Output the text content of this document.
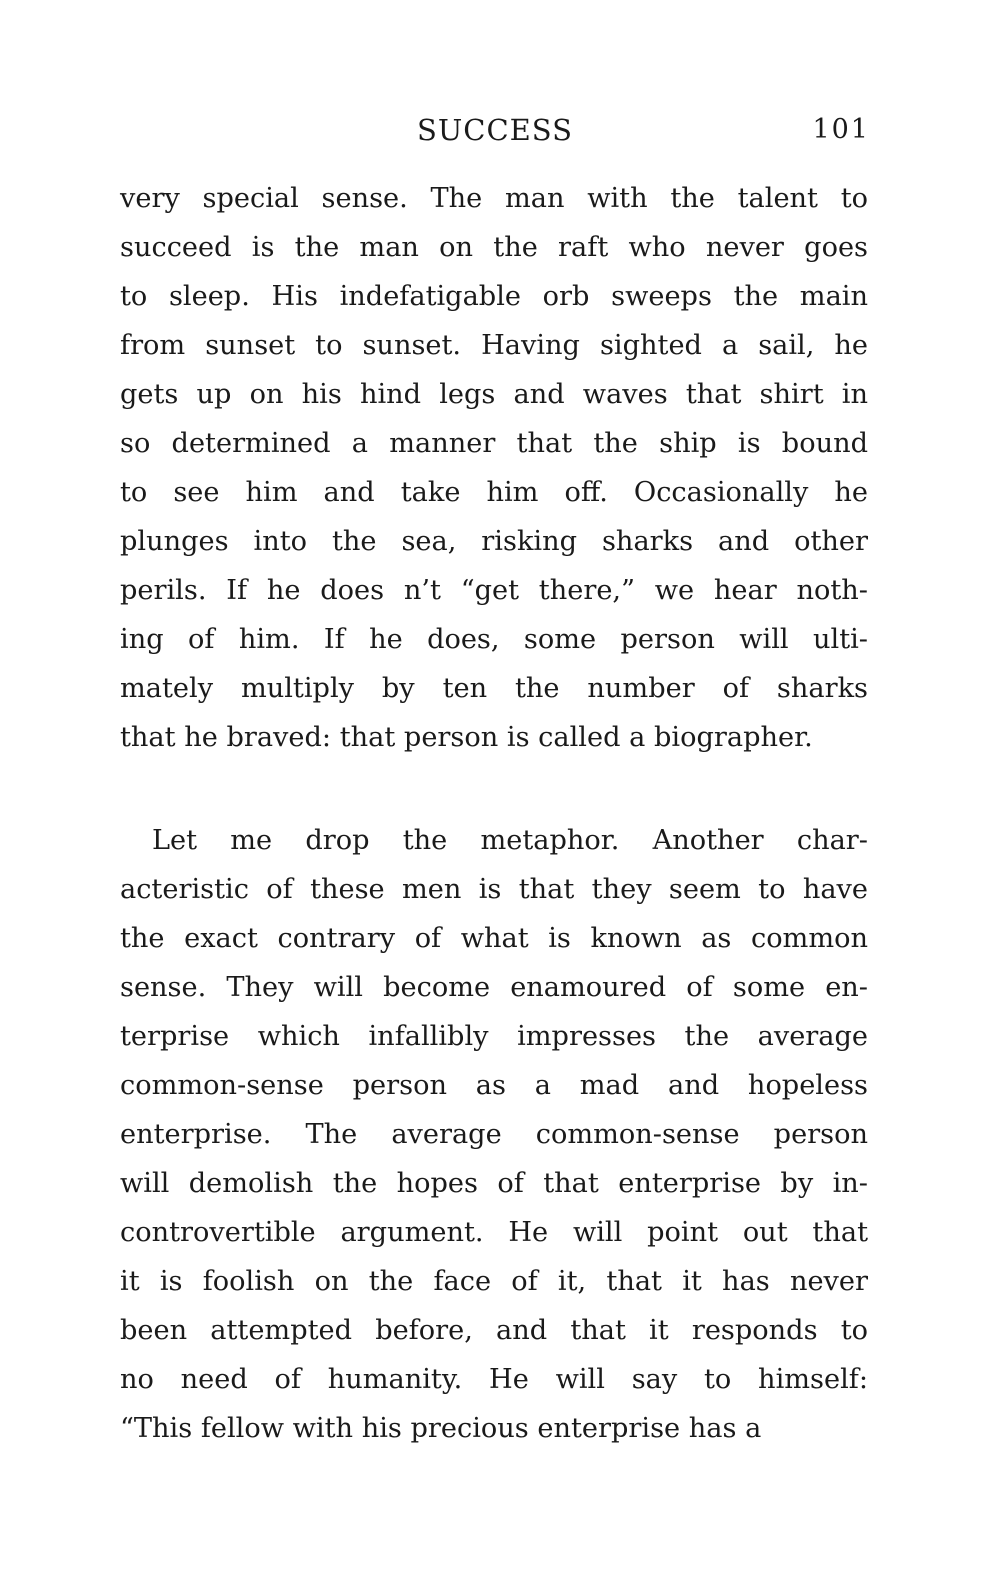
SUCCESS	101
very special sense. The man with the talent to
succeed is the man on the raft who never goes
to sleep. His indefatigable orb sweeps the main
from sunset to sunset. Having sighted a sail, he
gets up on his hind legs and waves that shirt in
so determined a manner that the ship is bound
to see him and take him off. Occasionally he
plunges into the sea, risking sharks and other
perils. If he does n’t “get there,” we hear noth-
ing of him. If he does, some person will ulti-
mately multiply by ten the number of sharks
that he braved: that person is called a biographer.
Let me drop the metaphor. Another char-
acteristic of these men is that they seem to have
the exact contrary of what is known as common
sense. They will become enamoured of some en-
terprise which infallibly impresses the average
common-sense person as a mad and hopeless
enterprise. The average common-sense person
will demolish the hopes of that enterprise by in-
controvertible argument. He will point out that
it is foolish on the face of it, that it has never
been attempted before, and that it responds to
no need of humanity. He will say to himself:
“This fellow with his precious enterprise has a
